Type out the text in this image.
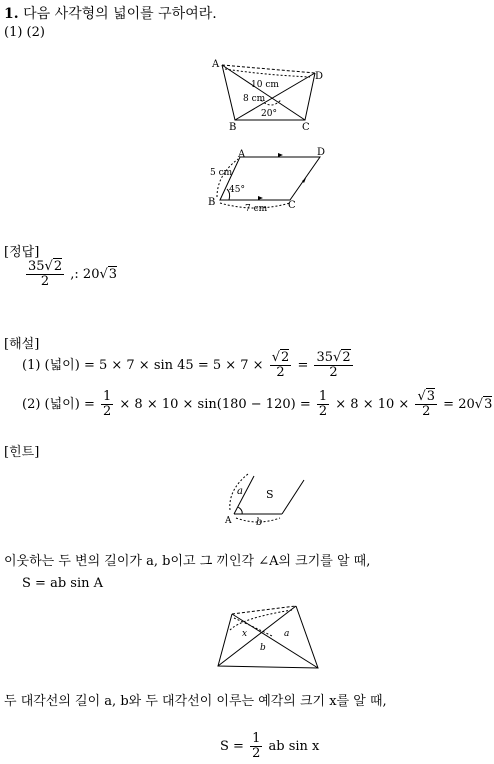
1. 다음 사각형의 넓이를 구하여라.
(1) (2)
A
B	C
D
10 cm
8 cm
20°
A
B	C
D
5 cm
7 cm
45°
[정답]
$\frac{35√2}{2}$ ,: 20√3
[해설]
(1) (넓이) = $5 \times 7 \times \sin 45 = 5 \times 7 \times \frac{√2}{2} = \frac{35√2}{2}$
(2) (넓이) = $\frac{1}{2} \times 8 \times 10 \times \sin(180 - 120) = \frac{1}{2} \times 8 \times 10 \times \frac{√3}{2} = 20√3$
[힌트]
a S
b
A
이웃하는 두 변의 길이가 a, b이고 그 끼인각 ∠A의 크기를 알 때,
S = ab sin A
x	a
b
두 대각선의 길이 a, b와 두 대각선이 이루는 예각의 크기 x를 알 때,
$S = \frac{1}{2}$ ab sin x
